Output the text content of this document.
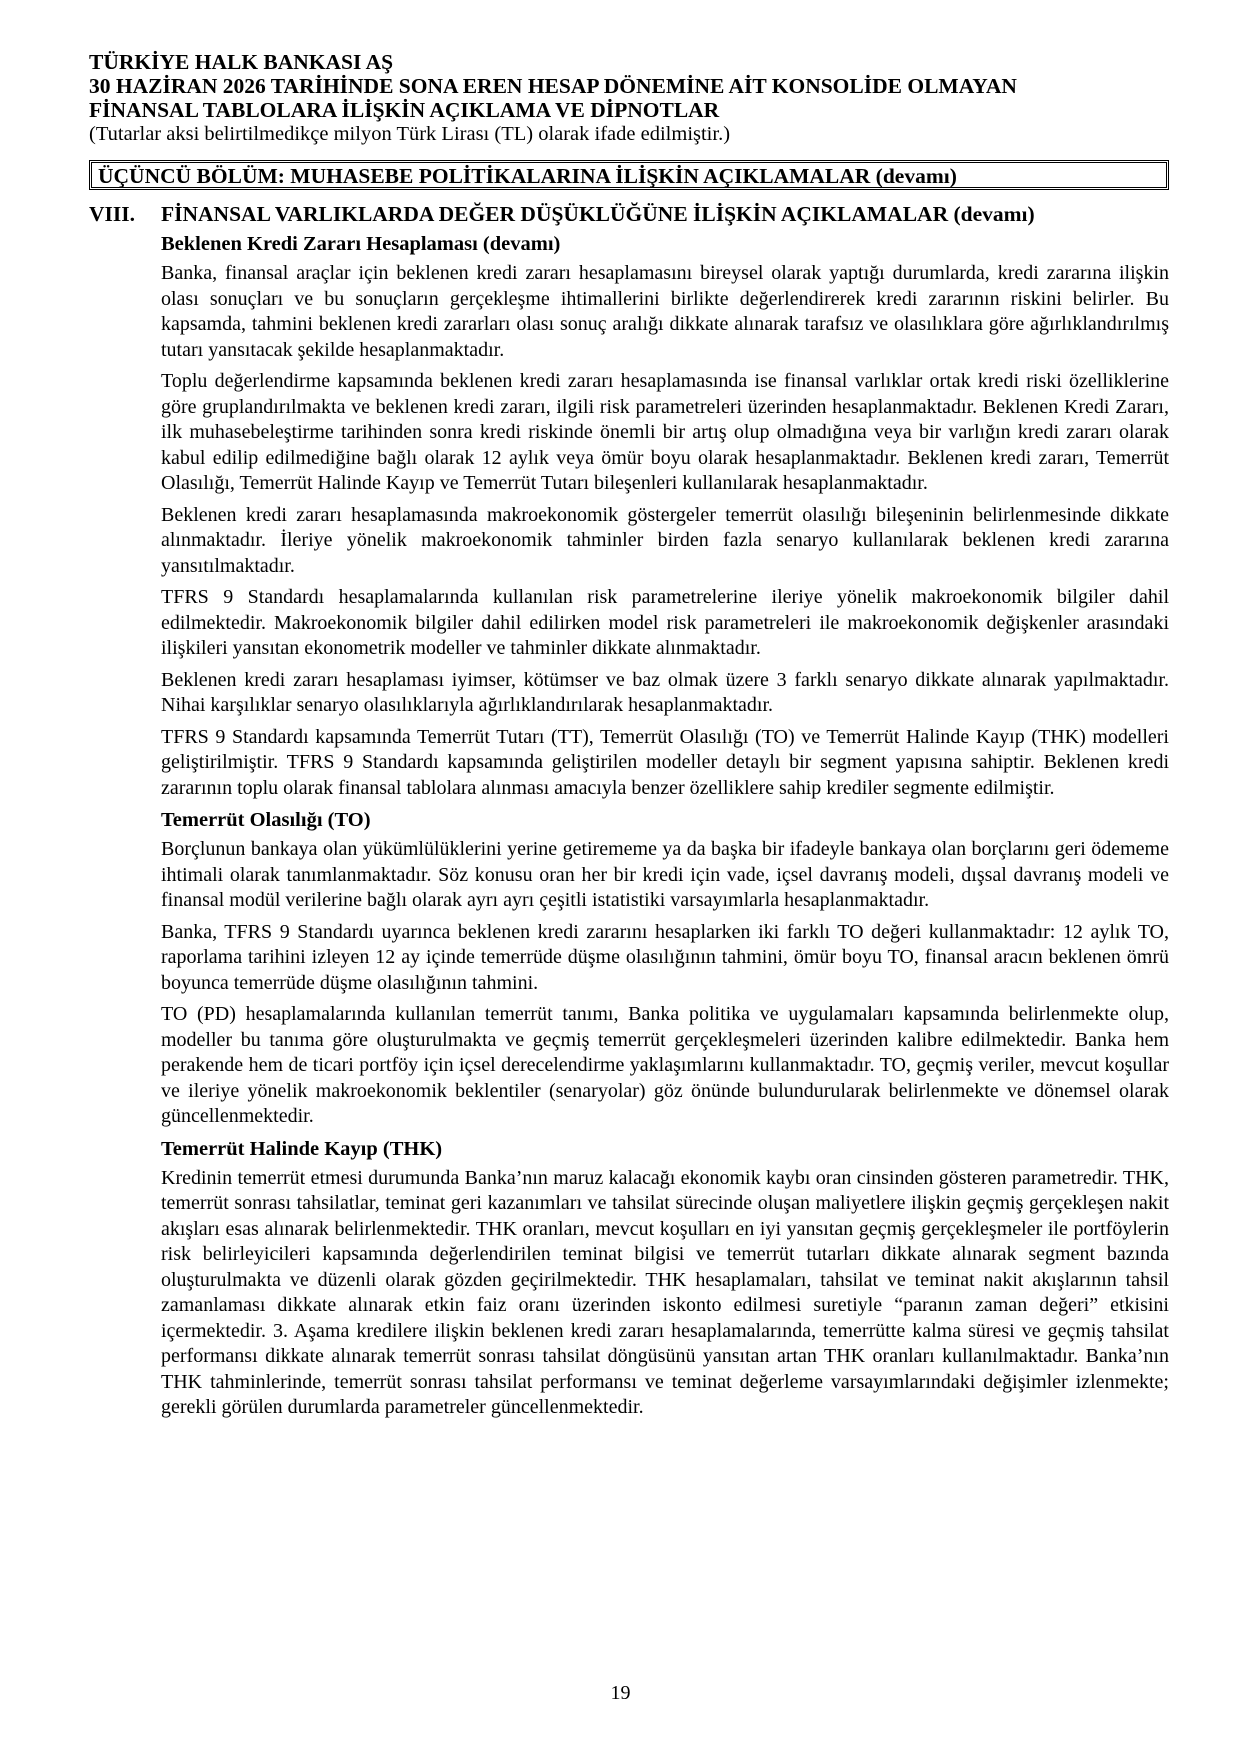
TÜRKİYE HALK BANKASI AŞ

30 HAZİRAN 2026 TARİHİNDE SONA EREN HESAP DÖNEMİNE AİT KONSOLİDE OLMAYAN

FİNANSAL TABLOLARA İLİŞKİN AÇIKLAMA VE DİPNOTLAR

(Tutarlar aksi belirtilmedikçe milyon Türk Lirası (TL) olarak ifade edilmiştir.)

ÜÇÜNCÜ BÖLÜM: MUHASEBE POLİTİKALARINA İLİŞKİN AÇIKLAMALAR (devamı)
VIII.	FİNANSAL VARLIKLARDA DEĞER DÜŞÜKLÜĞÜNE İLİŞKİN AÇIKLAMALAR (devamı)

Beklenen Kredi Zararı Hesaplaması (devamı)

Banka, finansal araçlar için beklenen kredi zararı hesaplamasını bireysel olarak yaptığı durumlarda, kredi zararına ilişkin olası sonuçları ve bu sonuçların gerçekleşme ihtimallerini birlikte değerlendirerek kredi zararının riskini belirler. Bu kapsamda, tahmini beklenen kredi zararları olası sonuç aralığı dikkate alınarak tarafsız ve olasılıklara göre ağırlıklandırılmış tutarı yansıtacak şekilde hesaplanmaktadır.

Toplu değerlendirme kapsamında beklenen kredi zararı hesaplamasında ise finansal varlıklar ortak kredi riski özelliklerine göre gruplandırılmakta ve beklenen kredi zararı, ilgili risk parametreleri üzerinden hesaplanmaktadır. Beklenen Kredi Zararı, ilk muhasebeleştirme tarihinden sonra kredi riskinde önemli bir artış olup olmadığına veya bir varlığın kredi zararı olarak kabul edilip edilmediğine bağlı olarak 12 aylık veya ömür boyu olarak hesaplanmaktadır. Beklenen kredi zararı, Temerrüt Olasılığı, Temerrüt Halinde Kayıp ve Temerrüt Tutarı bileşenleri kullanılarak hesaplanmaktadır.

Beklenen kredi zararı hesaplamasında makroekonomik göstergeler temerrüt olasılığı bileşeninin belirlenmesinde dikkate alınmaktadır. İleriye yönelik makroekonomik tahminler birden fazla senaryo kullanılarak beklenen kredi zararına yansıtılmaktadır.

TFRS 9 Standardı hesaplamalarında kullanılan risk parametrelerine ileriye yönelik makroekonomik bilgiler dahil edilmektedir. Makroekonomik bilgiler dahil edilirken model risk parametreleri ile makroekonomik değişkenler arasındaki ilişkileri yansıtan ekonometrik modeller ve tahminler dikkate alınmaktadır.

Beklenen kredi zararı hesaplaması iyimser, kötümser ve baz olmak üzere 3 farklı senaryo dikkate alınarak yapılmaktadır. Nihai karşılıklar senaryo olasılıklarıyla ağırlıklandırılarak hesaplanmaktadır.

TFRS 9 Standardı kapsamında Temerrüt Tutarı (TT), Temerrüt Olasılığı (TO) ve Temerrüt Halinde Kayıp (THK) modelleri geliştirilmiştir. TFRS 9 Standardı kapsamında geliştirilen modeller detaylı bir segment yapısına sahiptir. Beklenen kredi zararının toplu olarak finansal tablolara alınması amacıyla benzer özelliklere sahip krediler segmente edilmiştir.

Temerrüt Olasılığı (TO)

Borçlunun bankaya olan yükümlülüklerini yerine getirememe ya da başka bir ifadeyle bankaya olan borçlarını geri ödememe ihtimali olarak tanımlanmaktadır. Söz konusu oran her bir kredi için vade, içsel davranış modeli, dışsal davranış modeli ve finansal modül verilerine bağlı olarak ayrı ayrı çeşitli istatistiki varsayımlarla hesaplanmaktadır.

Banka, TFRS 9 Standardı uyarınca beklenen kredi zararını hesaplarken iki farklı TO değeri kullanmaktadır: 12 aylık TO, raporlama tarihini izleyen 12 ay içinde temerrüde düşme olasılığının tahmini, ömür boyu TO, finansal aracın beklenen ömrü boyunca temerrüde düşme olasılığının tahmini.

TO (PD) hesaplamalarında kullanılan temerrüt tanımı, Banka politika ve uygulamaları kapsamında belirlenmekte olup, modeller bu tanıma göre oluşturulmakta ve geçmiş temerrüt gerçekleşmeleri üzerinden kalibre edilmektedir. Banka hem perakende hem de ticari portföy için içsel derecelendirme yaklaşımlarını kullanmaktadır. TO, geçmiş veriler, mevcut koşullar ve ileriye yönelik makroekonomik beklentiler (senaryolar) göz önünde bulundurularak belirlenmekte ve dönemsel olarak güncellenmektedir.

Temerrüt Halinde Kayıp (THK)

Kredinin temerrüt etmesi durumunda Banka’nın maruz kalacağı ekonomik kaybı oran cinsinden gösteren parametredir. THK, temerrüt sonrası tahsilatlar, teminat geri kazanımları ve tahsilat sürecinde oluşan maliyetlere ilişkin geçmiş gerçekleşen nakit akışları esas alınarak belirlenmektedir. THK oranları, mevcut koşulları en iyi yansıtan geçmiş gerçekleşmeler ile portföylerin risk belirleyicileri kapsamında değerlendirilen teminat bilgisi ve temerrüt tutarları dikkate alınarak segment bazında oluşturulmakta ve düzenli olarak gözden geçirilmektedir. THK hesaplamaları, tahsilat ve teminat nakit akışlarının tahsil zamanlaması dikkate alınarak etkin faiz oranı üzerinden iskonto edilmesi suretiyle “paranın zaman değeri” etkisini içermektedir. 3. Aşama kredilere ilişkin beklenen kredi zararı hesaplamalarında, temerrütte kalma süresi ve geçmiş tahsilat performansı dikkate alınarak temerrüt sonrası tahsilat döngüsünü yansıtan artan THK oranları kullanılmaktadır. Banka’nın THK tahminlerinde, temerrüt sonrası tahsilat performansı ve teminat değerleme varsayımlarındaki değişimler izlenmekte; gerekli görülen durumlarda parametreler güncellenmektedir.

19
